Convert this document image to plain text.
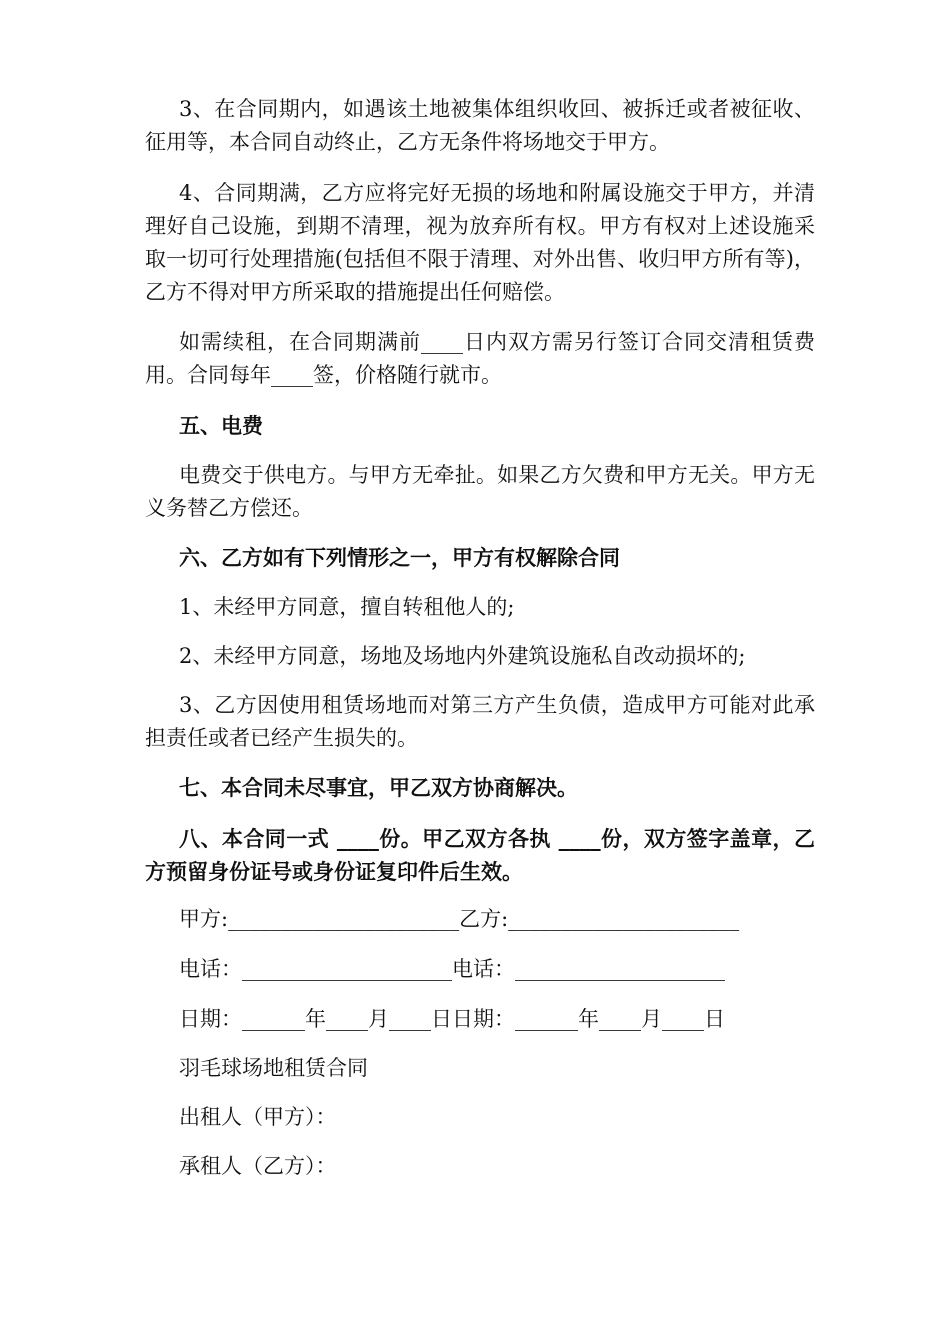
3、在合同期内，如遇该土地被集体组织收回、被拆迁或者被征收、征用等，本合同自动终止，乙方无条件将场地交于甲方。

4、合同期满，乙方应将完好无损的场地和附属设施交于甲方，并清理好自己设施，到期不清理，视为放弃所有权。甲方有权对上述设施采取一切可行处理措施(包括但不限于清理、对外出售、收归甲方所有等)，乙方不得对甲方所采取的措施提出任何赔偿。

如需续租，在合同期满前____日内双方需另行签订合同交清租赁费用。合同每年____签，价格随行就市。

五、电费

电费交于供电方。与甲方无牵扯。如果乙方欠费和甲方无关。甲方无义务替乙方偿还。

六、乙方如有下列情形之一，甲方有权解除合同

1、未经甲方同意，擅自转租他人的;

2、未经甲方同意，场地及场地内外建筑设施私自改动损坏的;

3、乙方因使用租赁场地而对第三方产生负债，造成甲方可能对此承担责任或者已经产生损失的。

七、本合同未尽事宜，甲乙双方协商解决。

八、本合同一式 ____份。甲乙双方各执 ____份，双方签字盖章，乙方预留身份证号或身份证复印件后生效。

甲方:______________________乙方:______________________

电话：____________________电话：____________________

日期：______年____月____日日期：______年____月____日

羽毛球场地租赁合同

出租人（甲方）：

承租人（乙方）：
